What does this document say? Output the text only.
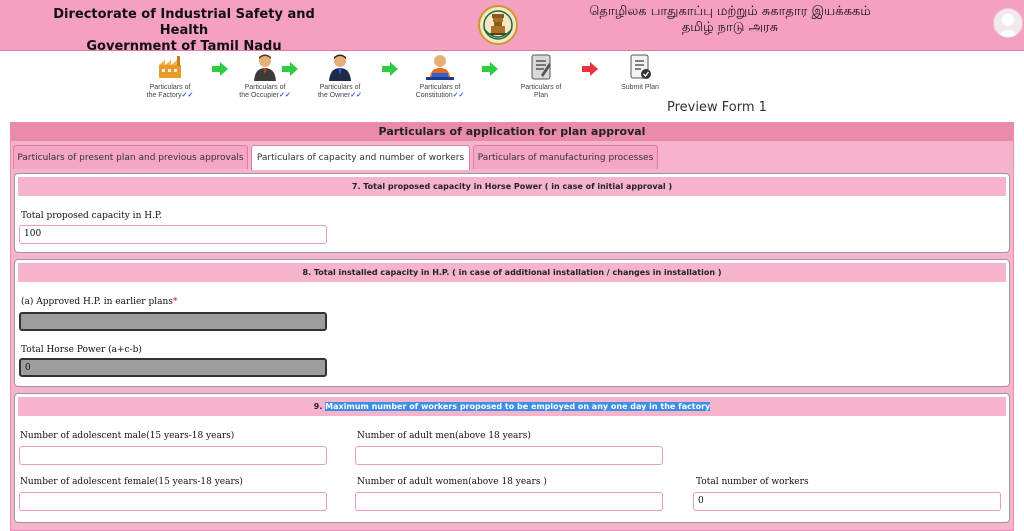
Directorate of Industrial Safety and Health
Government of Tamil Nadu
தொழிலக பாதுகாப்பு மற்றும் சுகாதார இயக்ககம்
தமிழ் நாடு அரசு
Particulars of
the Factory✓✓
Particulars of
the Occupier✓✓
Particulars of
the Owner✓✓
Particulars of
Constitution✓✓
Particulars of
Plan
Submit Plan
Preview Form 1
Particulars of application for plan approval
Particulars of present plan and previous approvals	Particulars of capacity and number of workers	Particulars of manufacturing processes
7. Total proposed capacity in Horse Power ( in case of initial approval )
Total proposed capacity in H.P.
100
8. Total installed capacity in H.P. ( in case of additional installation / changes in installation )
(a) Approved H.P. in earlier plans*
Total Horse Power (a+c-b)
0
9. Maximum number of workers proposed to be employed on any one day in the factory
Number of adolescent male(15 years-18 years)	Number of adult men(above 18 years)
Number of adolescent female(15 years-18 years)	Number of adult women(above 18 years )	Total number of workers
0
